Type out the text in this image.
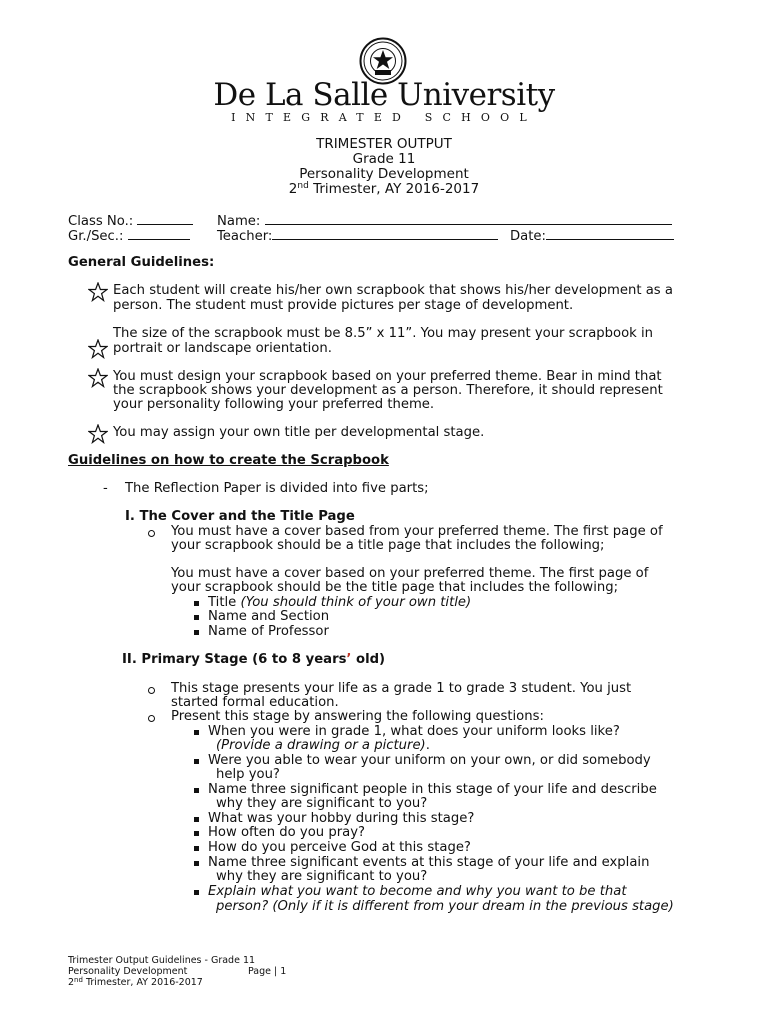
De La Salle University
INTEGRATED SCHOOL
TRIMESTER OUTPUT
Grade 11
Personality Development
2nd Trimester, AY 2016-2017
Class No.:	Name:
Gr./Sec.:	Teacher:	Date:
General Guidelines:
Each student will create his/her own scrapbook that shows his/her development as a
person. The student must provide pictures per stage of development.
The size of the scrapbook must be 8.5” x 11”. You may present your scrapbook in
portrait or landscape orientation.
You must design your scrapbook based on your preferred theme. Bear in mind that
the scrapbook shows your development as a person. Therefore, it should represent
your personality following your preferred theme.
You may assign your own title per developmental stage.
Guidelines on how to create the Scrapbook
- The Reflection Paper is divided into five parts;
I. The Cover and the Title Page
You must have a cover based from your preferred theme. The first page of
your scrapbook should be a title page that includes the following;
You must have a cover based on your preferred theme. The first page of
your scrapbook should be the title page that includes the following;
Title (You should think of your own title)
Name and Section
Name of Professor
II. Primary Stage (6 to 8 years’ old)
This stage presents your life as a grade 1 to grade 3 student. You just
started formal education.
Present this stage by answering the following questions:
When you were in grade 1, what does your uniform looks like?
(Provide a drawing or a picture).
Were you able to wear your uniform on your own, or did somebody
help you?
Name three significant people in this stage of your life and describe
why they are significant to you?
What was your hobby during this stage?
How often do you pray?
How do you perceive God at this stage?
Name three significant events at this stage of your life and explain
why they are significant to you?
Explain what you want to become and why you want to be that
person? (Only if it is different from your dream in the previous stage)
Trimester Output Guidelines - Grade 11
Personality Development	Page | 1
2nd Trimester, AY 2016-2017
